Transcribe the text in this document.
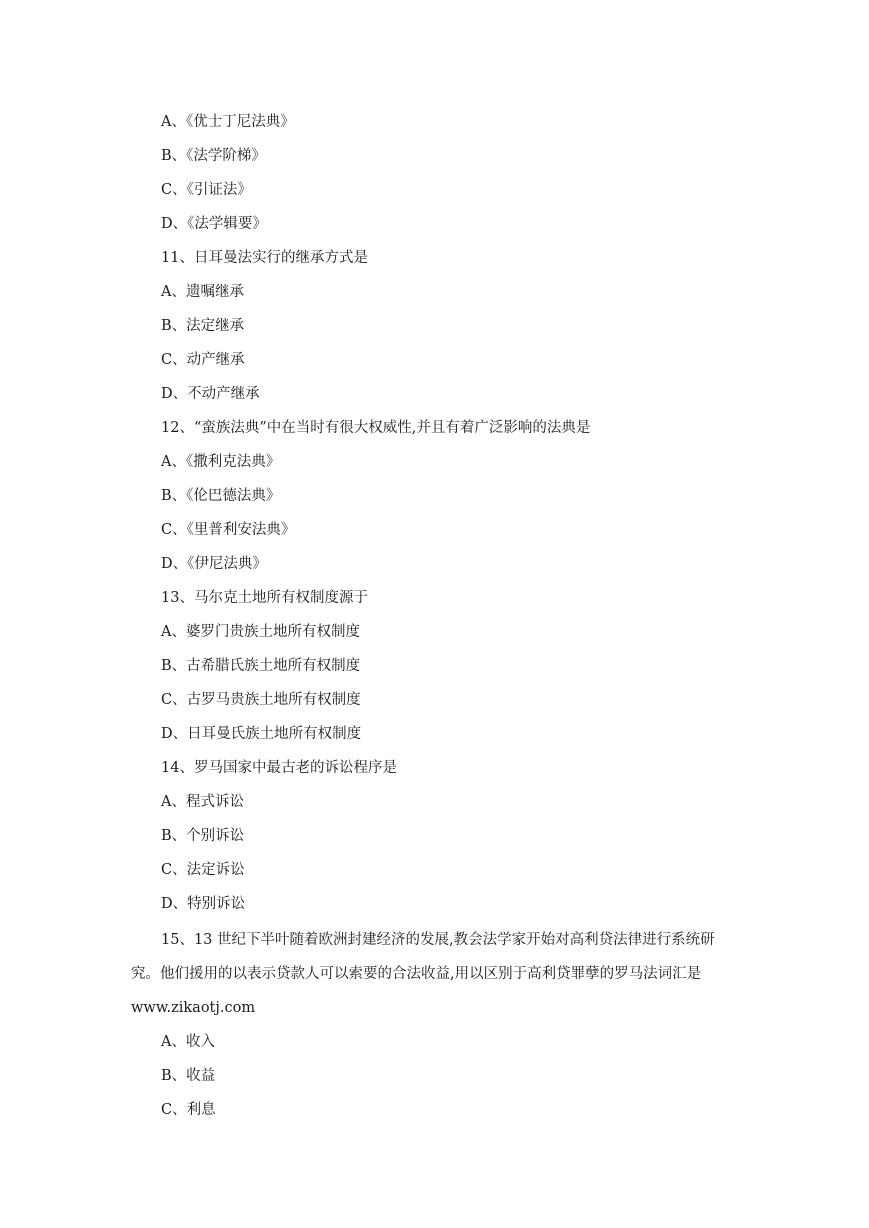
A、《优士丁尼法典》
B、《法学阶梯》
C、《引证法》
D、《法学辑要》
11、日耳曼法实行的继承方式是
A、遗嘱继承
B、法定继承
C、动产继承
D、不动产继承
12、“蛮族法典”中在当时有很大权威性,并且有着广泛影响的法典是
A、《撒利克法典》
B、《伦巴德法典》
C、《里普利安法典》
D、《伊尼法典》
13、马尔克土地所有权制度源于
A、婆罗门贵族土地所有权制度
B、古希腊氏族土地所有权制度
C、古罗马贵族土地所有权制度
D、日耳曼氏族土地所有权制度
14、罗马国家中最古老的诉讼程序是
A、程式诉讼
B、个别诉讼
C、法定诉讼
D、特别诉讼
15、13 世纪下半叶随着欧洲封建经济的发展,教会法学家开始对高利贷法律进行系统研
究。他们援用的以表示贷款人可以索要的合法收益,用以区别于高利贷罪孽的罗马法词汇是
www.zikaotj.com
A、收入
B、收益
C、利息
